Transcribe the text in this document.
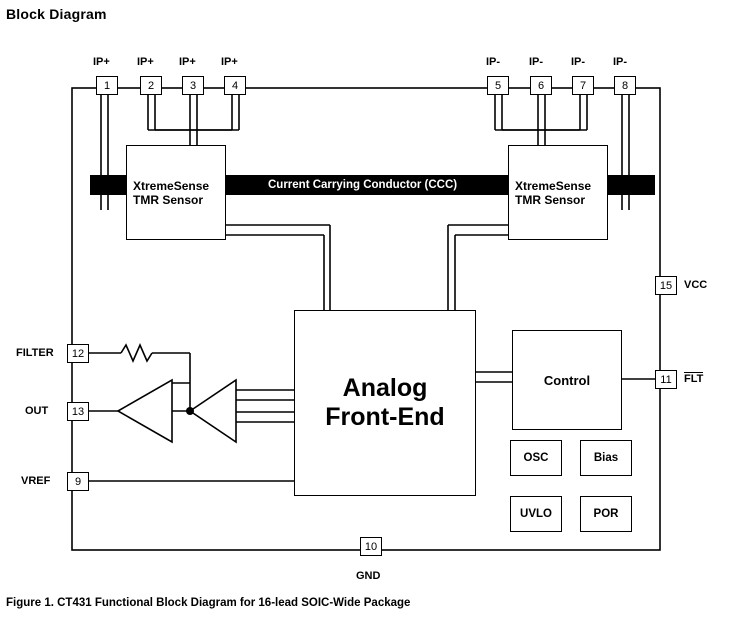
Block Diagram
Current Carrying Conductor (CCC)
XtremeSense
TMR Sensor
XtremeSense
TMR Sensor
Analog
Front-End
Control
OSC	Bias
UVLO	POR
1
IP+
2
IP+
3
IP+
4
IP+
5
IP-
6
IP-
7
IP-
8
IP-
12
FILTER
13
OUT
9
VREF
15	VCC
11	FLT
10
GND
Figure 1. CT431 Functional Block Diagram for 16-lead SOIC-Wide Package
